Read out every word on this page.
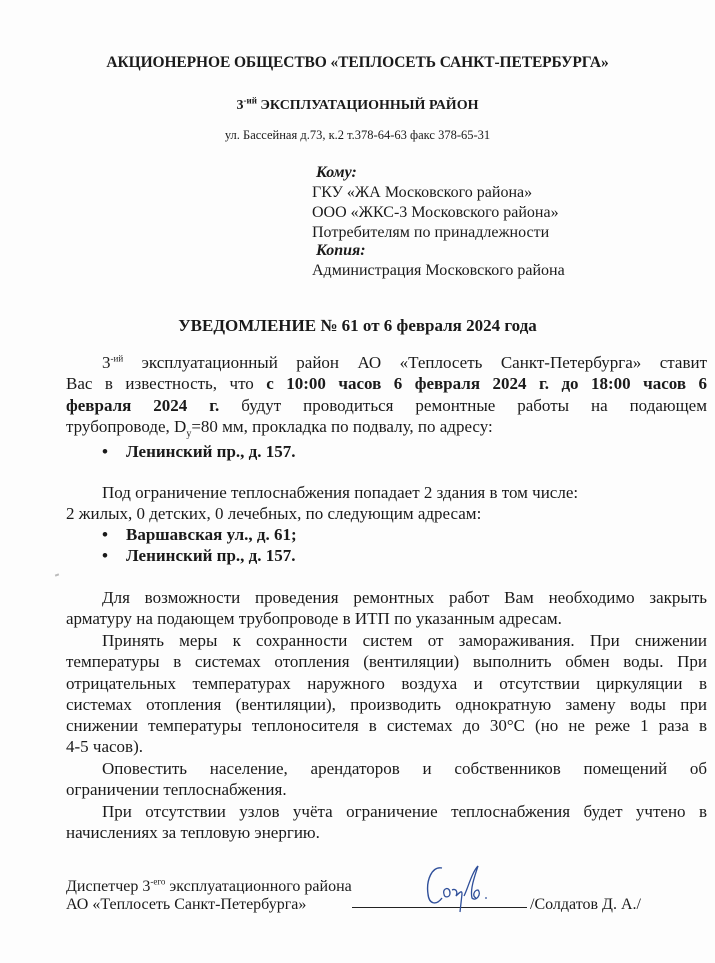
АКЦИОНЕРНОЕ ОБЩЕСТВО «ТЕПЛОСЕТЬ САНКТ-ПЕТЕРБУРГА»
$3^{-ий}$ ЭКСПЛУАТАЦИОННЫЙ РАЙОН
ул. Бассейная д.73, к.2 т.378-64-63 факс 378-65-31
Кому:
ГКУ «ЖА Московского района»
ООО «ЖКС-3 Московского района»
Потребителям по принадлежности
Копия:
Администрация Московского района
УВЕДОМЛЕНИЕ № 61 от 6 февраля 2024 года
$3^{-ий}$ эксплуатационный район АО «Теплосеть Санкт-Петербурга» ставит
Вас в известность, что с 10:00 часов 6 февраля 2024 г. до 18:00 часов 6
февраля 2024 г. будут проводиться ремонтные работы на подающем
трубопроводе, $D_у=80$ мм, прокладка по подвалу, по адресу:
• Ленинский пр., д. 157.
Под ограничение теплоснабжения попадает 2 здания в том числе:
2 жилых, 0 детских, 0 лечебных, по следующим адресам:
• Варшавская ул., д. 61;
• Ленинский пр., д. 157.
Для возможности проведения ремонтных работ Вам необходимо закрыть
арматуру на подающем трубопроводе в ИТП по указанным адресам.
Принять меры к сохранности систем от замораживания. При снижении
температуры в системах отопления (вентиляции) выполнить обмен воды. При
отрицательных температурах наружного воздуха и отсутствии циркуляции в
системах отопления (вентиляции), производить однократную замену воды при
снижении температуры теплоносителя в системах до 30°С (но не реже 1 раза в
4-5 часов).
Оповестить население, арендаторов и собственников помещений об
ограничении теплоснабжения.
При отсутствии узлов учёта ограничение теплоснабжения будет учтено в
начислениях за тепловую энергию.
Диспетчер $3^{-его}$ эксплуатационного района
АО «Теплосеть Санкт-Петербурга»	/Солдатов Д. А./
